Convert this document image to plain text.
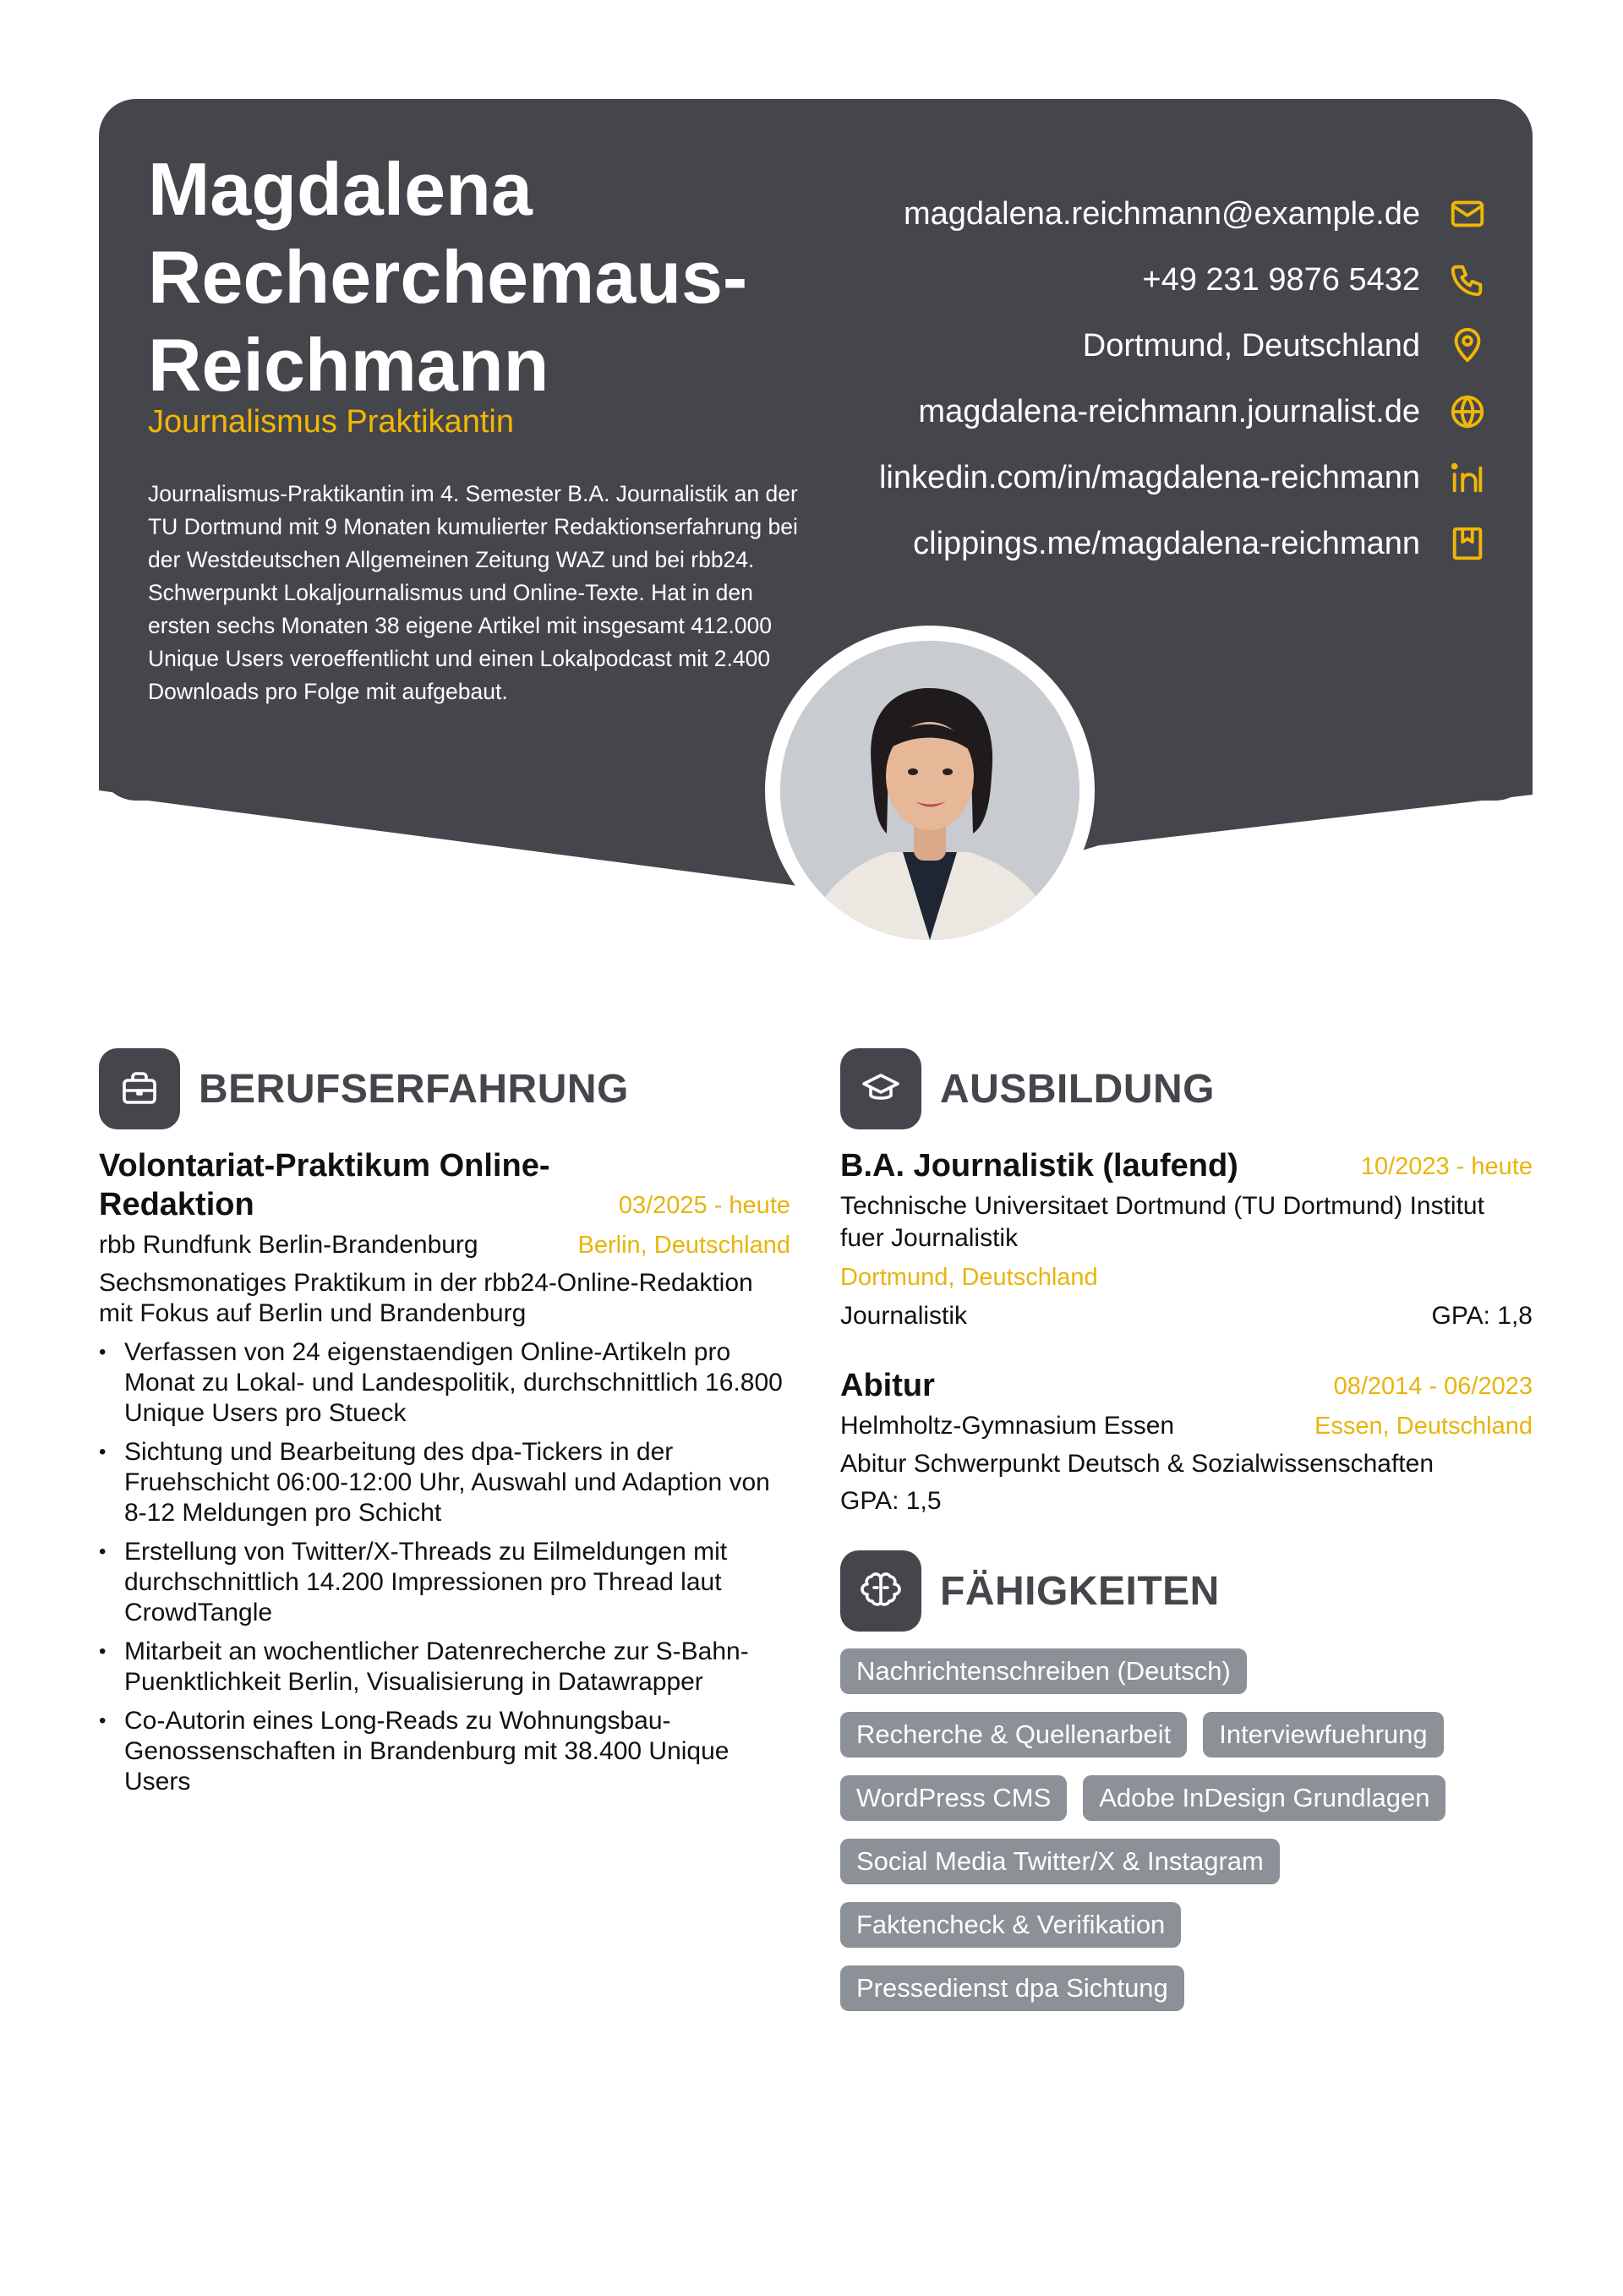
Magdalena
Recherchemaus-
Reichmann
Journalismus Praktikantin

Journalismus-Praktikantin im 4. Semester B.A. Journalistik an der TU Dortmund mit 9 Monaten kumulierter Redaktionserfahrung bei der Westdeutschen Allgemeinen Zeitung WAZ und bei rbb24. Schwerpunkt Lokaljournalismus und Online-Texte. Hat in den ersten sechs Monaten 38 eigene Artikel mit insgesamt 412.000 Unique Users veroeffentlicht und einen Lokalpodcast mit 2.400 Downloads pro Folge mit aufgebaut.

magdalena.reichmann@example.de
+49 231 9876 5432
Dortmund, Deutschland
magdalena-reichmann.journalist.de
linkedin.com/in/magdalena-reichmann
clippings.me/magdalena-reichmann
BERUFSERFAHRUNG
Volontariat-Praktikum Online-
Redaktion	03/2025 - heute
rbb Rundfunk Berlin-Brandenburg	Berlin, Deutschland

Sechsmonatiges Praktikum in der rbb24-Online-Redaktion mit Fokus auf Berlin und Brandenburg

• Verfassen von 24 eigenstaendigen Online-Artikeln pro Monat zu Lokal- und Landespolitik, durchschnittlich 16.800 Unique Users pro Stueck
• Sichtung und Bearbeitung des dpa-Tickers in der Fruehschicht 06:00-12:00 Uhr, Auswahl und Adaption von 8-12 Meldungen pro Schicht
• Erstellung von Twitter/X-Threads zu Eilmeldungen mit durchschnittlich 14.200 Impressionen pro Thread laut CrowdTangle
• Mitarbeit an wochentlicher Datenrecherche zur S-Bahn-Puenktlichkeit Berlin, Visualisierung in Datawrapper
• Co-Autorin eines Long-Reads zu Wohnungsbau-Genossenschaften in Brandenburg mit 38.400 Unique Users
AUSBILDUNG
B.A. Journalistik (laufend)	10/2023 - heute
Technische Universitaet Dortmund (TU Dortmund) Institut fuer Journalistik
Dortmund, Deutschland
Journalistik	GPA: 1,8
Abitur	08/2014 - 06/2023
Helmholtz-Gymnasium Essen	Essen, Deutschland
Abitur Schwerpunkt Deutsch & Sozialwissenschaften
GPA: 1,5
FÄHIGKEITEN
Nachrichtenschreiben (Deutsch)
Recherche & Quellenarbeit	Interviewfuehrung
WordPress CMS	Adobe InDesign Grundlagen
Social Media Twitter/X & Instagram
Faktencheck & Verifikation
Pressedienst dpa Sichtung
